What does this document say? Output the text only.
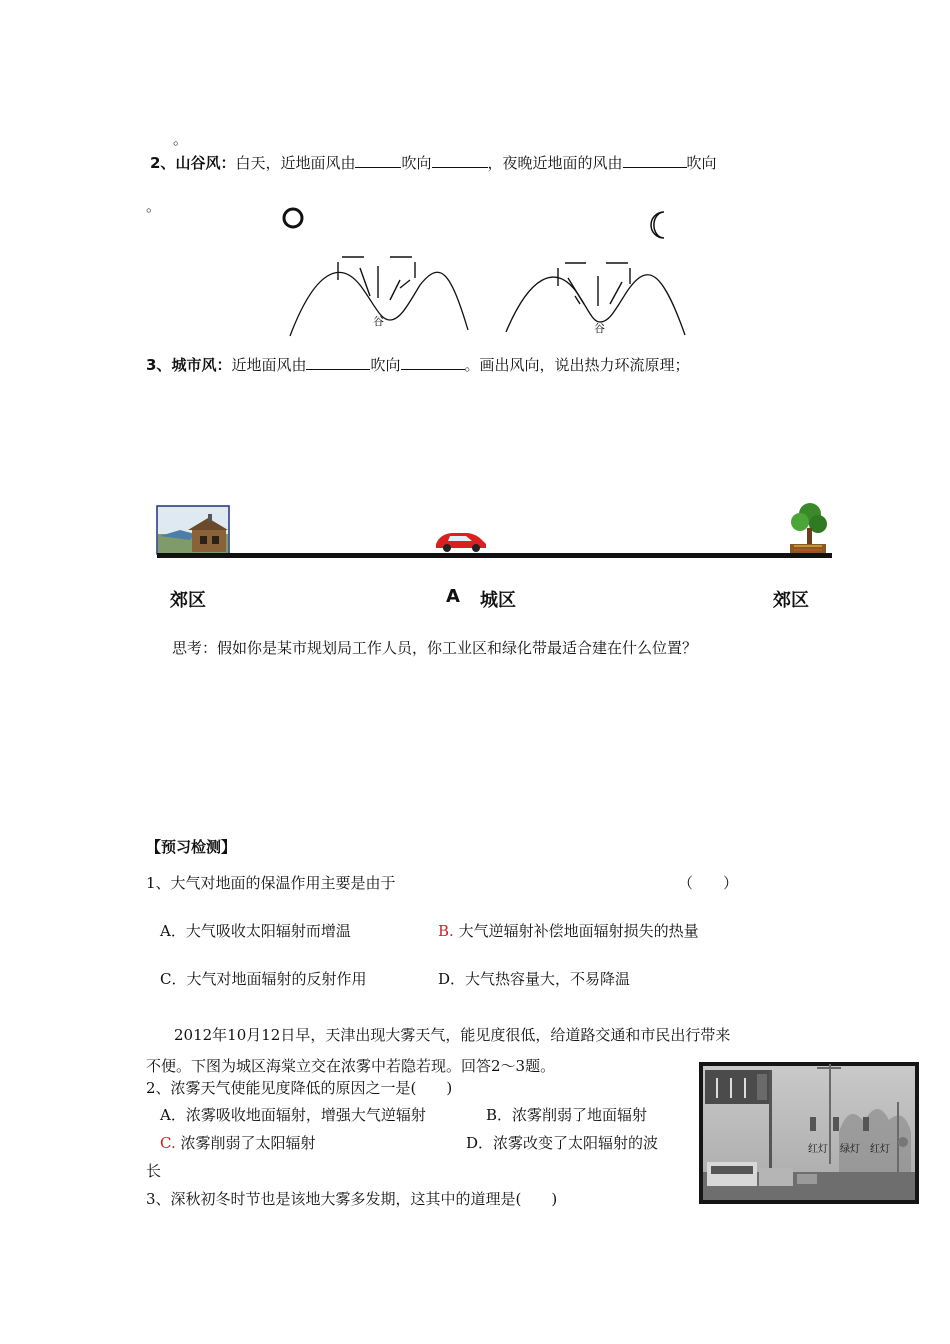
。
2、山谷风：白天，近地面风由	吹向	，夜晚近地面的风由	吹向
。
谷
谷
3、城市风：近地面风由	吹向	。画出风向，说出热力环流原理；
郊区	A 城区	郊区
思考：假如你是某市规划局工作人员，你工业区和绿化带最适合建在什么位置？
【预习检测】
1、大气对地面的保温作用主要是由于	（　　）
A．大气吸收太阳辐射而增温	B. 大气逆辐射补偿地面辐射损失的热量
C．大气对地面辐射的反射作用	D．大气热容量大，不易降温
2012年10月12日早，天津出现大雾天气，能见度很低，给道路交通和市民出行带来
不便。下图为城区海棠立交在浓雾中若隐若现。回答2～3题。
2、浓雾天气使能见度降低的原因之一是(　　)
A．浓雾吸收地面辐射，增强大气逆辐射	B．浓雾削弱了地面辐射
C. 浓雾削弱了太阳辐射	D．浓雾改变了太阳辐射的波
长
3、深秋初冬时节也是该地大雾多发期，这其中的道理是(　　)
红灯 绿灯 红灯
